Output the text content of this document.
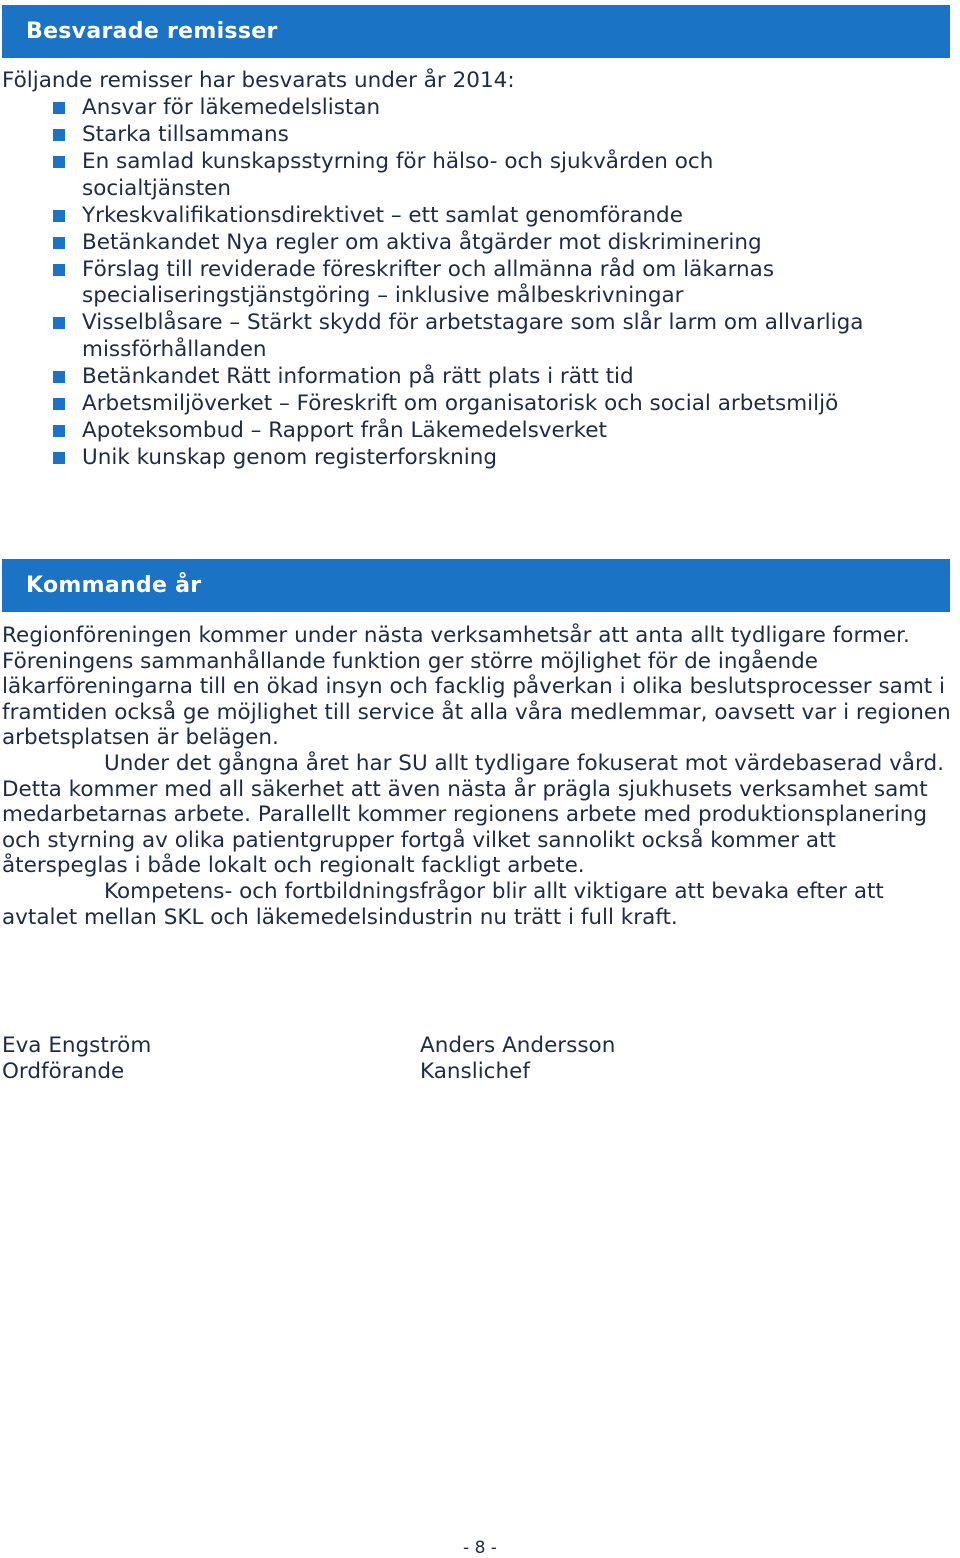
Besvarade remisser
Följande remisser har besvarats under år 2014:
Ansvar för läkemedelslistan
Starka tillsammans
En samlad kunskapsstyrning för hälso- och sjukvården och socialtjänsten
Yrkeskvalifikationsdirektivet – ett samlat genomförande
Betänkandet Nya regler om aktiva åtgärder mot diskriminering
Förslag till reviderade föreskrifter och allmänna råd om läkarnas specialiseringstjänstgöring – inklusive målbeskrivningar
Visselblåsare – Stärkt skydd för arbetstagare som slår larm om allvarliga missförhållanden
Betänkandet Rätt information på rätt plats i rätt tid
Arbetsmiljöverket – Föreskrift om organisatorisk och social arbetsmiljö
Apoteksombud – Rapport från Läkemedelsverket
Unik kunskap genom registerforskning
Kommande år

Regionföreningen kommer under nästa verksamhetsår att anta allt tydligare former. Föreningens sammanhållande funktion ger större möjlighet för de ingående läkarföreningarna till en ökad insyn och facklig påverkan i olika beslutsprocesser samt i framtiden också ge möjlighet till service åt alla våra medlemmar, oavsett var i regionen arbetsplatsen är belägen.

Under det gångna året har SU allt tydligare fokuserat mot värdebaserad vård. Detta kommer med all säkerhet att även nästa år prägla sjukhusets verksamhet samt medarbetarnas arbete. Parallellt kommer regionens arbete med produktionsplanering och styrning av olika patientgrupper fortgå vilket sannolikt också kommer att återspeglas i både lokalt och regionalt fackligt arbete.

Kompetens- och fortbildningsfrågor blir allt viktigare att bevaka efter att avtalet mellan SKL och läkemedelsindustrin nu trätt i full kraft.

Eva Engström
Ordförande
Anders Andersson
Kanslichef
- 8 -
